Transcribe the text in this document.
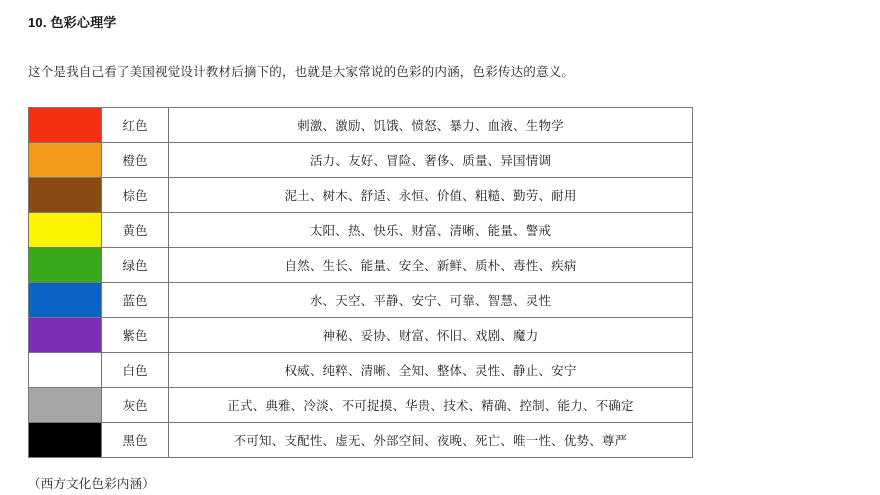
10. 色彩心理学
这个是我自己看了美国视觉设计教材后摘下的，也就是大家常说的色彩的内涵，色彩传达的意义。
	红色	刺激、激励、饥饿、愤怒、暴力、血液、生物学

	橙色	活力、友好、冒险、奢侈、质量、异国情调

	棕色	泥土、树木、舒适、永恒、价值、粗糙、勤劳、耐用

	黄色	太阳、热、快乐、财富、清晰、能量、警戒

	绿色	自然、生长、能量、安全、新鲜、质朴、毒性、疾病

	蓝色	水、天空、平静、安宁、可靠、智慧、灵性

	紫色	神秘、妥协、财富、怀旧、戏剧、魔力

	白色	权威、纯粹、清晰、全知、整体、灵性、静止、安宁

	灰色	正式、典雅、冷淡、不可捉摸、华贵、技术、精确、控制、能力、不确定

	黑色	不可知、支配性、虚无、外部空间、夜晚、死亡、唯一性、优势、尊严
（西方文化色彩内涵）
